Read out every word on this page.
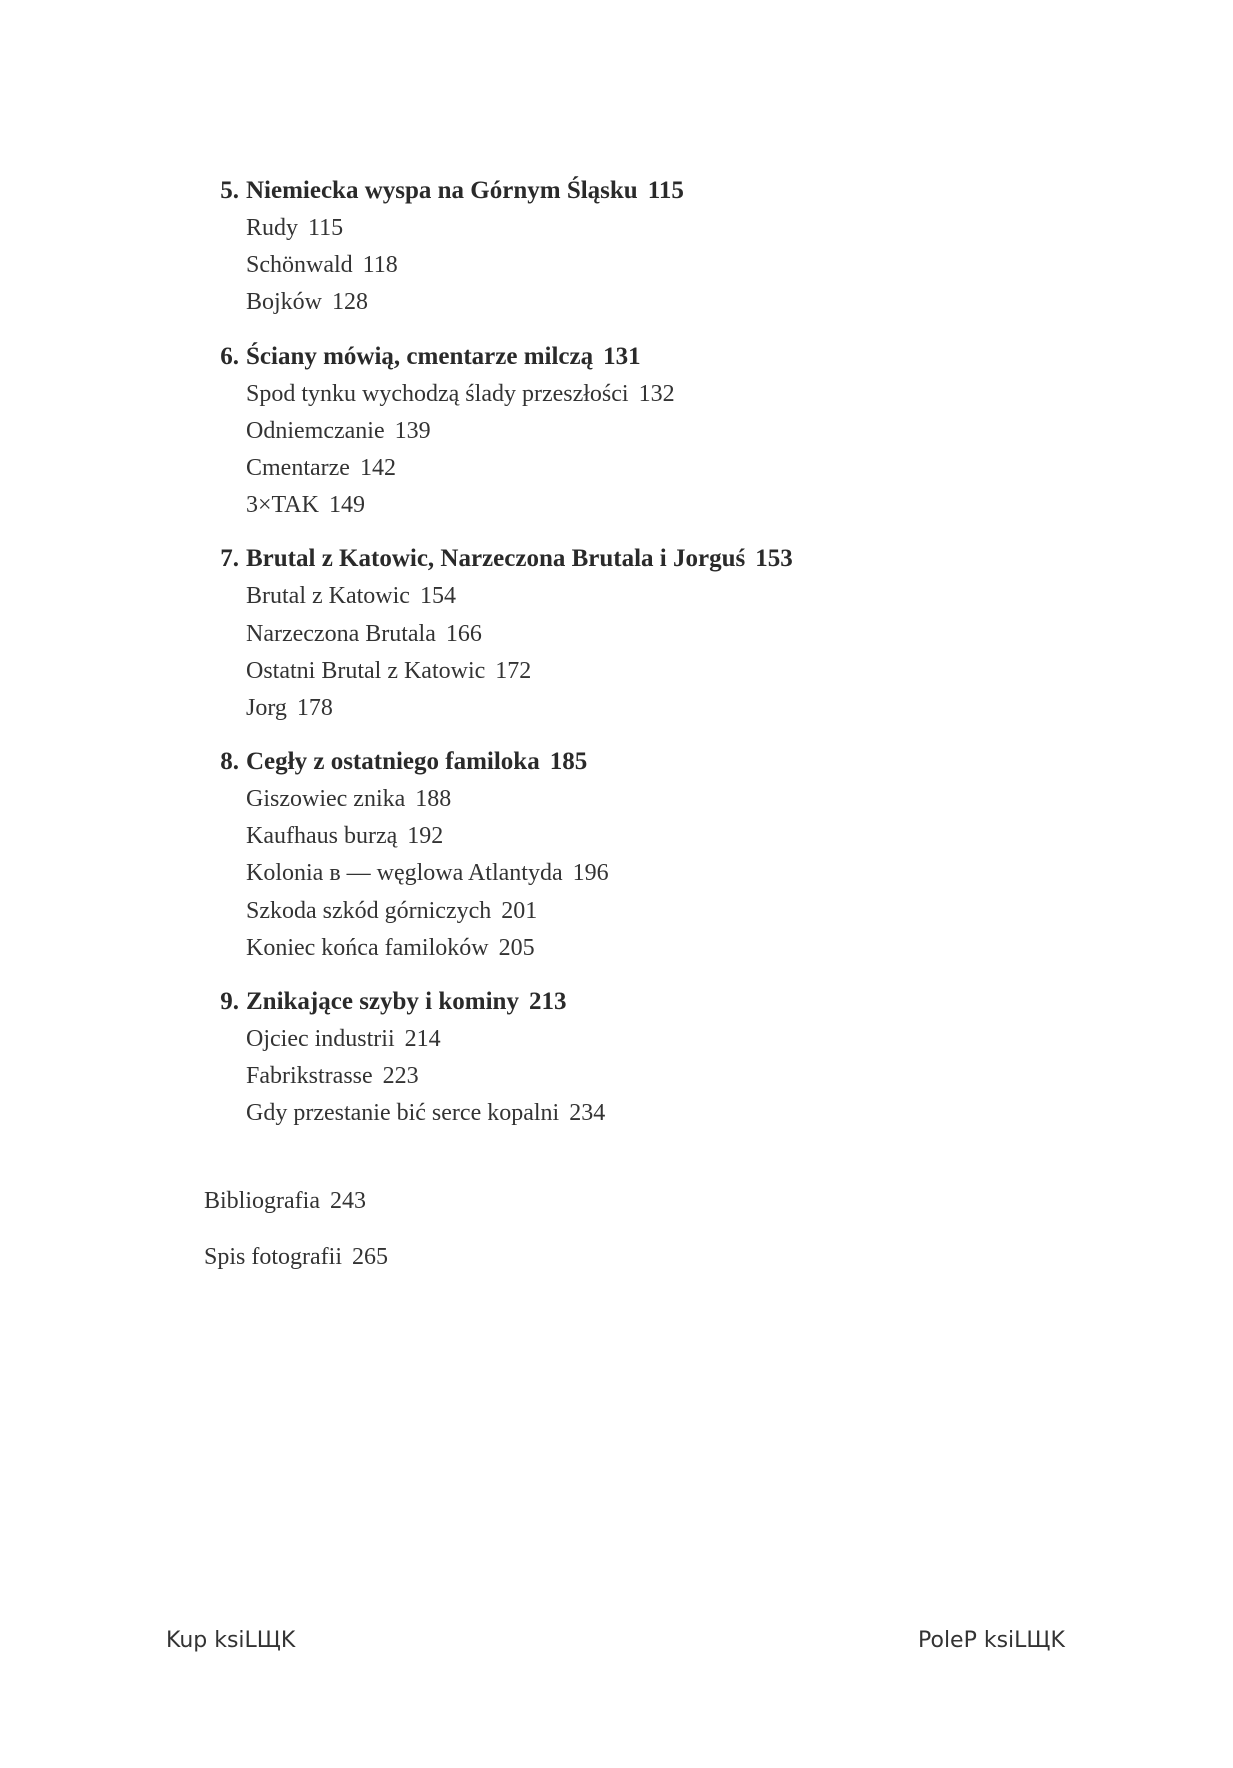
5. Niemiecka wyspa na Górnym Śląsku 115
Rudy 115
Schönwald 118
Bojków 128
6. Ściany mówią, cmentarze milczą 131
Spod tynku wychodzą ślady przeszłości 132
Odniemczanie 139
Cmentarze 142
3×TAK 149
7. Brutal z Katowic, Narzeczona Brutala i Jorguś 153
Brutal z Katowic 154
Narzeczona Brutala 166
Ostatni Brutal z Katowic 172
Jorg 178
8. Cegły z ostatniego familoka 185
Giszowiec znika 188
Kaufhaus burzą 192
Kolonia ʙ — węglowa Atlantyda 196
Szkoda szkód górniczych 201
Koniec końca familoków 205
9. Znikające szyby i kominy 213
Ojciec industrii 214
Fabrikstrasse 223
Gdy przestanie bić serce kopalni 234
Bibliografia 243
Spis fotografii 265
Kup ksiLЩK	PoleP ksiLЩK
